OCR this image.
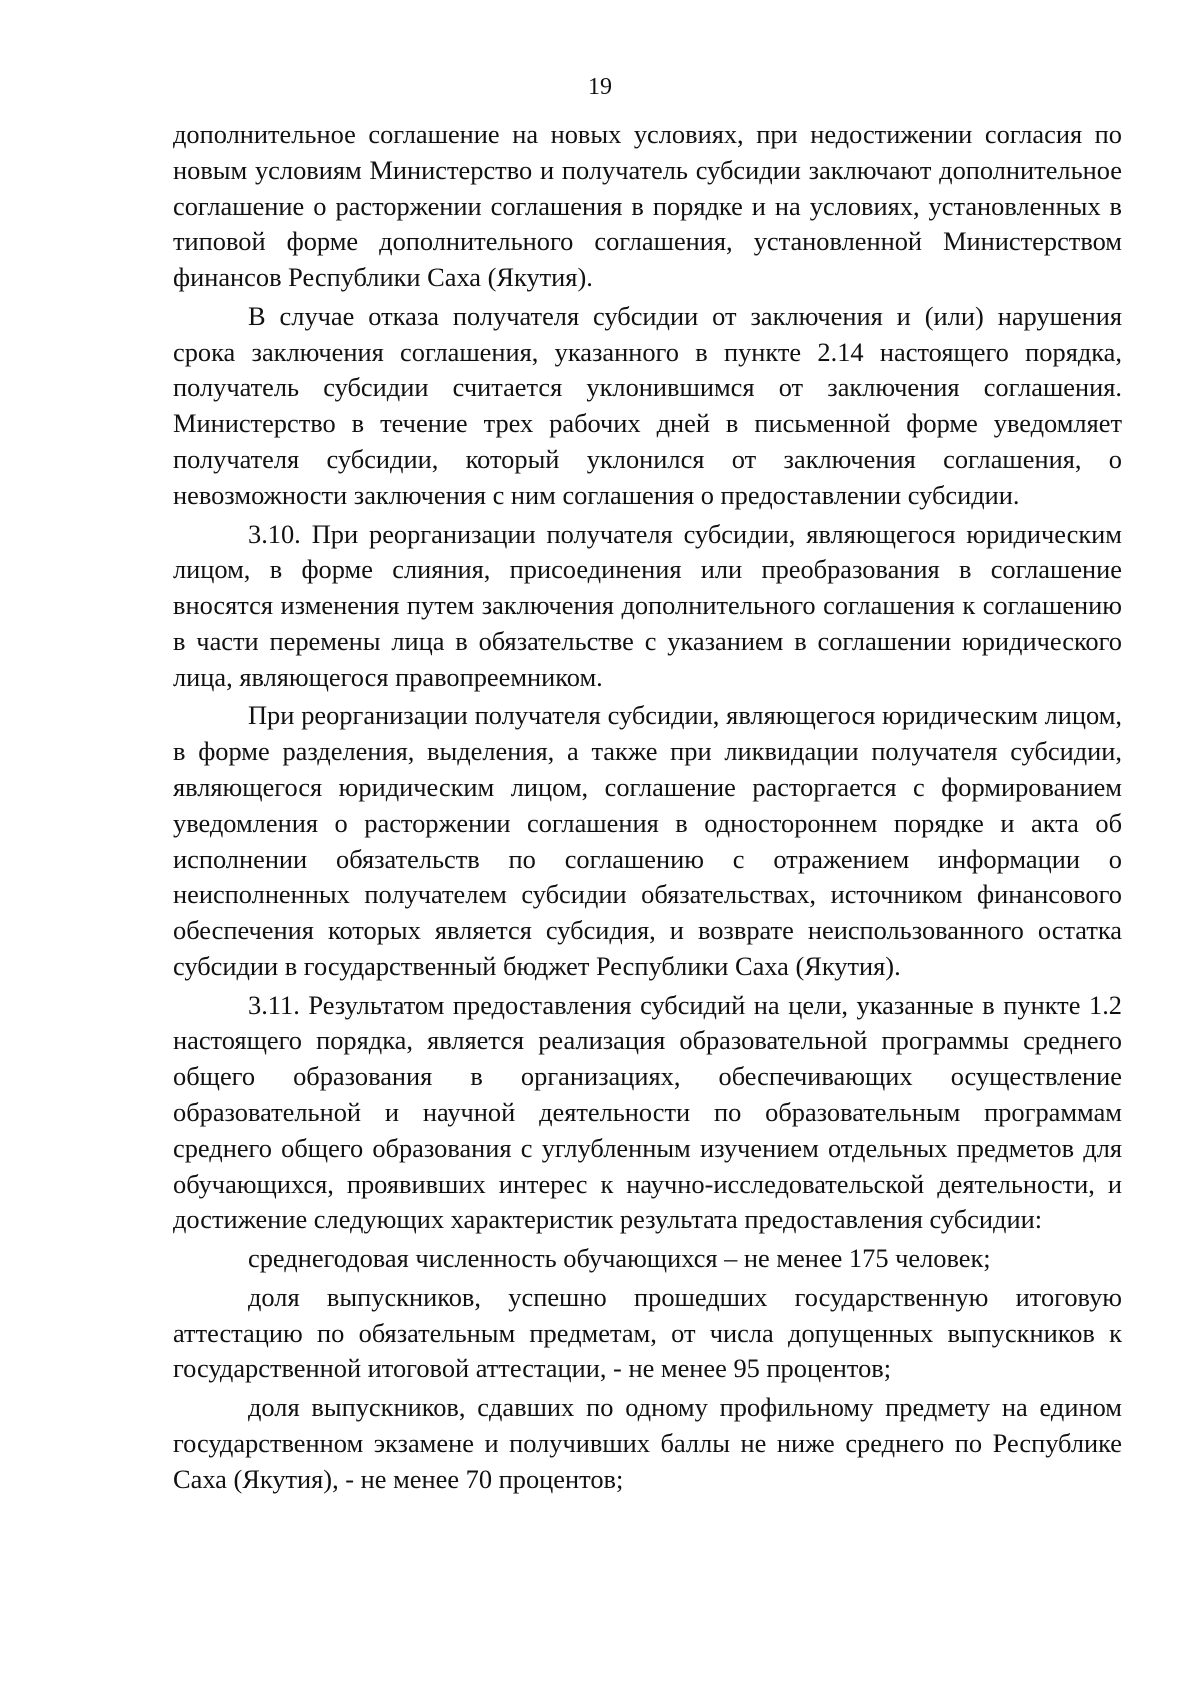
19

дополнительное соглашение на новых условиях, при недостижении согласия по новым условиям Министерство и получатель субсидии заключают дополнительное соглашение о расторжении соглашения в порядке и на условиях, установленных в типовой форме дополнительного соглашения, установленной Министерством финансов Республики Саха (Якутия).

В случае отказа получателя субсидии от заключения и (или) нарушения срока заключения соглашения, указанного в пункте 2.14 настоящего порядка, получатель субсидии считается уклонившимся от заключения соглашения. Министерство в течение трех рабочих дней в письменной форме уведомляет получателя субсидии, который уклонился от заключения соглашения, о невозможности заключения с ним соглашения о предоставлении субсидии.

3.10. При реорганизации получателя субсидии, являющегося юридическим лицом, в форме слияния, присоединения или преобразования в соглашение вносятся изменения путем заключения дополнительного соглашения к соглашению в части перемены лица в обязательстве с указанием в соглашении юридического лица, являющегося правопреемником.

При реорганизации получателя субсидии, являющегося юридическим лицом, в форме разделения, выделения, а также при ликвидации получателя субсидии, являющегося юридическим лицом, соглашение расторгается с формированием уведомления о расторжении соглашения в одностороннем порядке и акта об исполнении обязательств по соглашению с отражением информации о неисполненных получателем субсидии обязательствах, источником финансового обеспечения которых является субсидия, и возврате неиспользованного остатка субсидии в государственный бюджет Республики Саха (Якутия).

3.11. Результатом предоставления субсидий на цели, указанные в пункте 1.2 настоящего порядка, является реализация образовательной программы среднего общего образования в организациях, обеспечивающих осуществление образовательной и научной деятельности по образовательным программам среднего общего образования с углубленным изучением отдельных предметов для обучающихся, проявивших интерес к научно-исследовательской деятельности, и достижение следующих характеристик результата предоставления субсидии:

среднегодовая численность обучающихся – не менее 175 человек;

доля выпускников, успешно прошедших государственную итоговую аттестацию по обязательным предметам, от числа допущенных выпускников к государственной итоговой аттестации, - не менее 95 процентов;

доля выпускников, сдавших по одному профильному предмету на едином государственном экзамене и получивших баллы не ниже среднего по Республике Саха (Якутия), - не менее 70 процентов;
